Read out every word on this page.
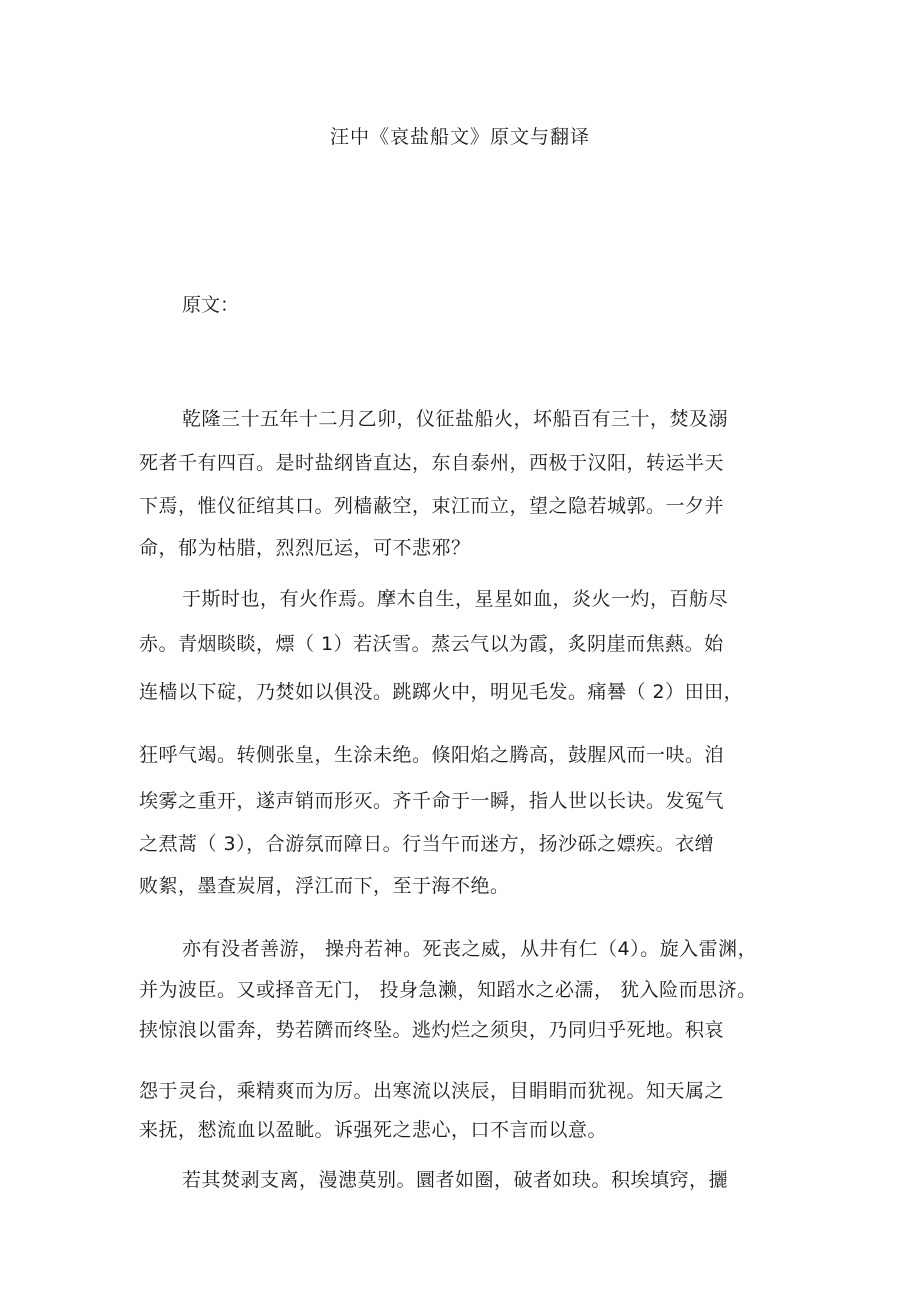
汪中《哀盐船文》原文与翻译
原文：
乾隆三十五年十二月乙卯，仪征盐船火，坏船百有三十，焚及溺
死者千有四百。是时盐纲皆直达，东自泰州，西极于汉阳，转运半天
下焉，惟仪征绾其口。列樯蔽空，束江而立，望之隐若城郭。一夕并
命，郁为枯腊，烈烈厄运，可不悲邪？
于斯时也，有火作焉。摩木自生，星星如血，炎火一灼，百舫尽
赤。青烟睒睒，熛（ 1）若沃雪。蒸云气以为霞，炙阴崖而焦爇。始
连樯以下碇，乃焚如以俱没。跳踯火中，明见毛发。痛謈（ 2）田田，
狂呼气竭。转侧张皇，生涂未绝。倏阳焰之腾高，鼓腥风而一吷。洎
埃雾之重开，遂声销而形灭。齐千命于一瞬，指人世以长诀。发冤气
之焄蒿（ 3），合游氛而障日。行当午而迷方，扬沙砾之嫖疾。衣缯
败絮，墨查炭屑，浮江而下，至于海不绝。
亦有没者善游， 操舟若神。死丧之威，从井有仁（4）。旋入雷渊，
并为波臣。又或择音无门， 投身急濑，知蹈水之必濡， 犹入险而思济。
挟惊浪以雷奔，势若隮而终坠。逃灼烂之须臾，乃同归乎死地。积哀
怨于灵台，乘精爽而为厉。出寒流以浃辰，目睊睊而犹视。知天属之
来抚，憖流血以盈眦。诉强死之悲心，口不言而以意。
若其焚剥支离，漫漶莫别。圜者如圈，破者如玦。积埃填窍，攦
